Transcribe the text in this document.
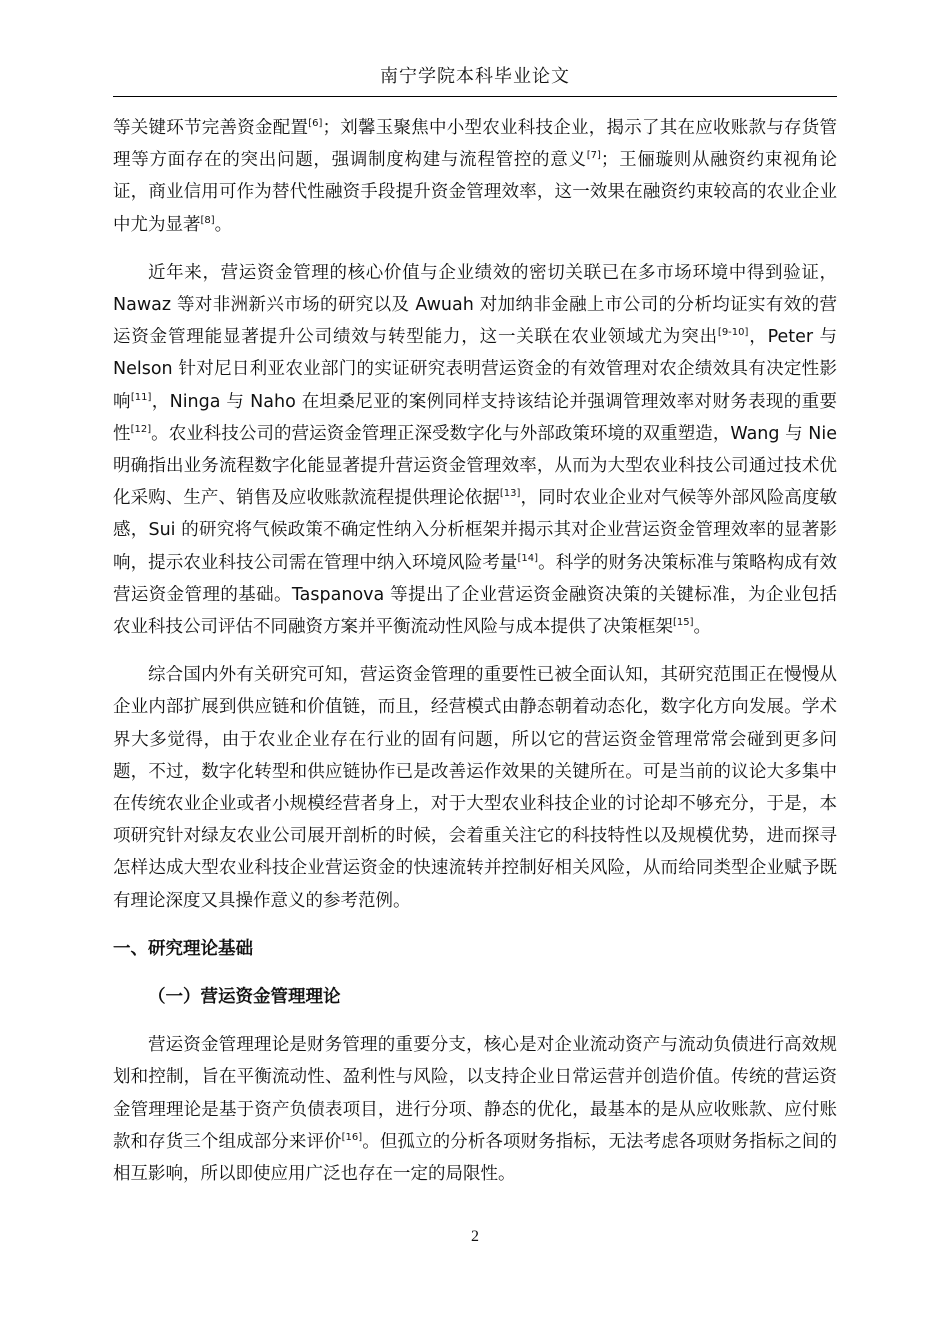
南宁学院本科毕业论文

等关键环节完善资金配置[6]；刘馨玉聚焦中小型农业科技企业，揭示了其在应收账款与存货管理等方面存在的突出问题，强调制度构建与流程管控的意义[7]；王俪璇则从融资约束视角论证，商业信用可作为替代性融资手段提升资金管理效率，这一效果在融资约束较高的农业企业中尤为显著[8]。

近年来，营运资金管理的核心价值与企业绩效的密切关联已在多市场环境中得到验证，Nawaz 等对非洲新兴市场的研究以及 Awuah 对加纳非金融上市公司的分析均证实有效的营运资金管理能显著提升公司绩效与转型能力，这一关联在农业领域尤为突出[9-10]，Peter 与 Nelson 针对尼日利亚农业部门的实证研究表明营运资金的有效管理对农企绩效具有决定性影响[11]，Ninga 与 Naho 在坦桑尼亚的案例同样支持该结论并强调管理效率对财务表现的重要性[12]。农业科技公司的营运资金管理正深受数字化与外部政策环境的双重塑造，Wang 与 Nie 明确指出业务流程数字化能显著提升营运资金管理效率，从而为大型农业科技公司通过技术优化采购、生产、销售及应收账款流程提供理论依据[13]，同时农业企业对气候等外部风险高度敏感，Sui 的研究将气候政策不确定性纳入分析框架并揭示其对企业营运资金管理效率的显著影响，提示农业科技公司需在管理中纳入环境风险考量[14]。科学的财务决策标准与策略构成有效营运资金管理的基础。Taspanova 等提出了企业营运资金融资决策的关键标准，为企业包括农业科技公司评估不同融资方案并平衡流动性风险与成本提供了决策框架[15]。

综合国内外有关研究可知，营运资金管理的重要性已被全面认知，其研究范围正在慢慢从企业内部扩展到供应链和价值链，而且，经营模式由静态朝着动态化，数字化方向发展。学术界大多觉得，由于农业企业存在行业的固有问题，所以它的营运资金管理常常会碰到更多问题，不过，数字化转型和供应链协作已是改善运作效果的关键所在。可是当前的议论大多集中在传统农业企业或者小规模经营者身上，对于大型农业科技企业的讨论却不够充分，于是，本项研究针对绿友农业公司展开剖析的时候，会着重关注它的科技特性以及规模优势，进而探寻怎样达成大型农业科技企业营运资金的快速流转并控制好相关风险，从而给同类型企业赋予既有理论深度又具操作意义的参考范例。

一、研究理论基础

（一）营运资金管理理论

营运资金管理理论是财务管理的重要分支，核心是对企业流动资产与流动负债进行高效规划和控制，旨在平衡流动性、盈利性与风险，以支持企业日常运营并创造价值。传统的营运资金管理理论是基于资产负债表项目，进行分项、静态的优化，最基本的是从应收账款、应付账款和存货三个组成部分来评价[16]。但孤立的分析各项财务指标，无法考虑各项财务指标之间的相互影响，所以即使应用广泛也存在一定的局限性。

2
